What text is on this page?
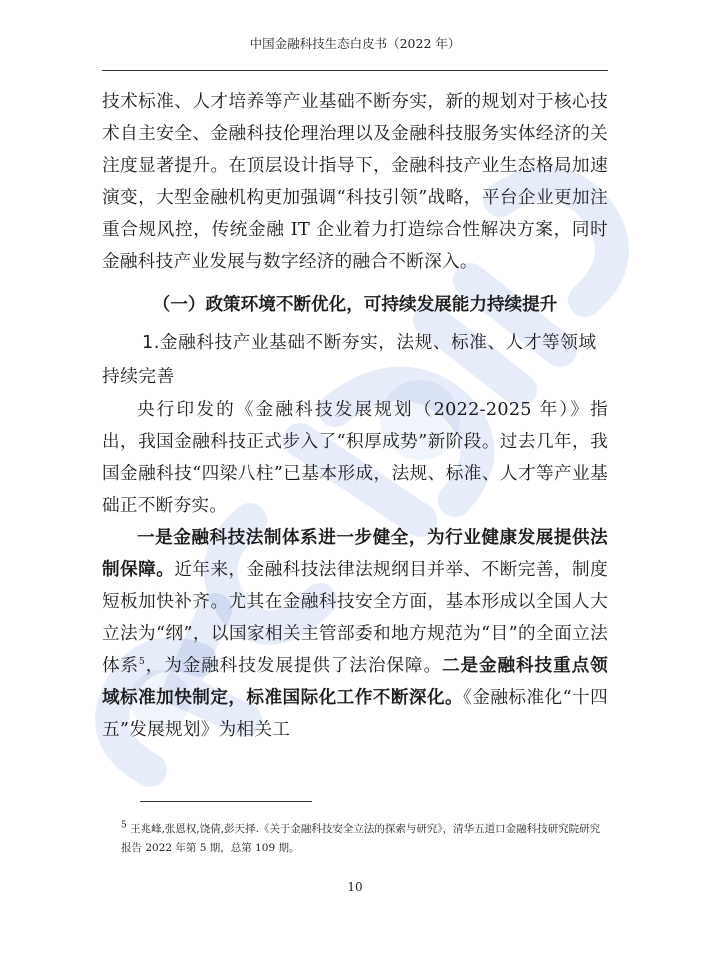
中国金融科技生态白皮书（2022 年）

技术标准、人才培养等产业基础不断夯实，新的规划对于核心技术自主安全、金融科技伦理治理以及金融科技服务实体经济的关注度显著提升。在顶层设计指导下，金融科技产业生态格局加速演变，大型金融机构更加强调“科技引领”战略，平台企业更加注重合规风控，传统金融 IT 企业着力打造综合性解决方案，同时金融科技产业发展与数字经济的融合不断深入。

（一）政策环境不断优化，可持续发展能力持续提升

1.金融科技产业基础不断夯实，法规、标准、人才等领域持续完善

央行印发的《金融科技发展规划（2022-2025 年）》指出，我国金融科技正式步入了“积厚成势”新阶段。过去几年，我国金融科技“四梁八柱”已基本形成，法规、标准、人才等产业基础正不断夯实。

一是金融科技法制体系进一步健全，为行业健康发展提供法制保障。近年来，金融科技法律法规纲目并举、不断完善，制度短板加快补齐。尤其在金融科技安全方面，基本形成以全国人大立法为“纲”，以国家相关主管部委和地方规范为“目”的全面立法体系$^5$，为金融科技发展提供了法治保障。二是金融科技重点领域标准加快制定，标准国际化工作不断深化。《金融标准化“十四五”发展规划》为相关工

$^5$ 王兆峰,张恩权,饶倩,彭天择.《关于金融科技安全立法的探索与研究》，清华五道口金融科技研究院研究报告 2022 年第 5 期，总第 109 期。
10
